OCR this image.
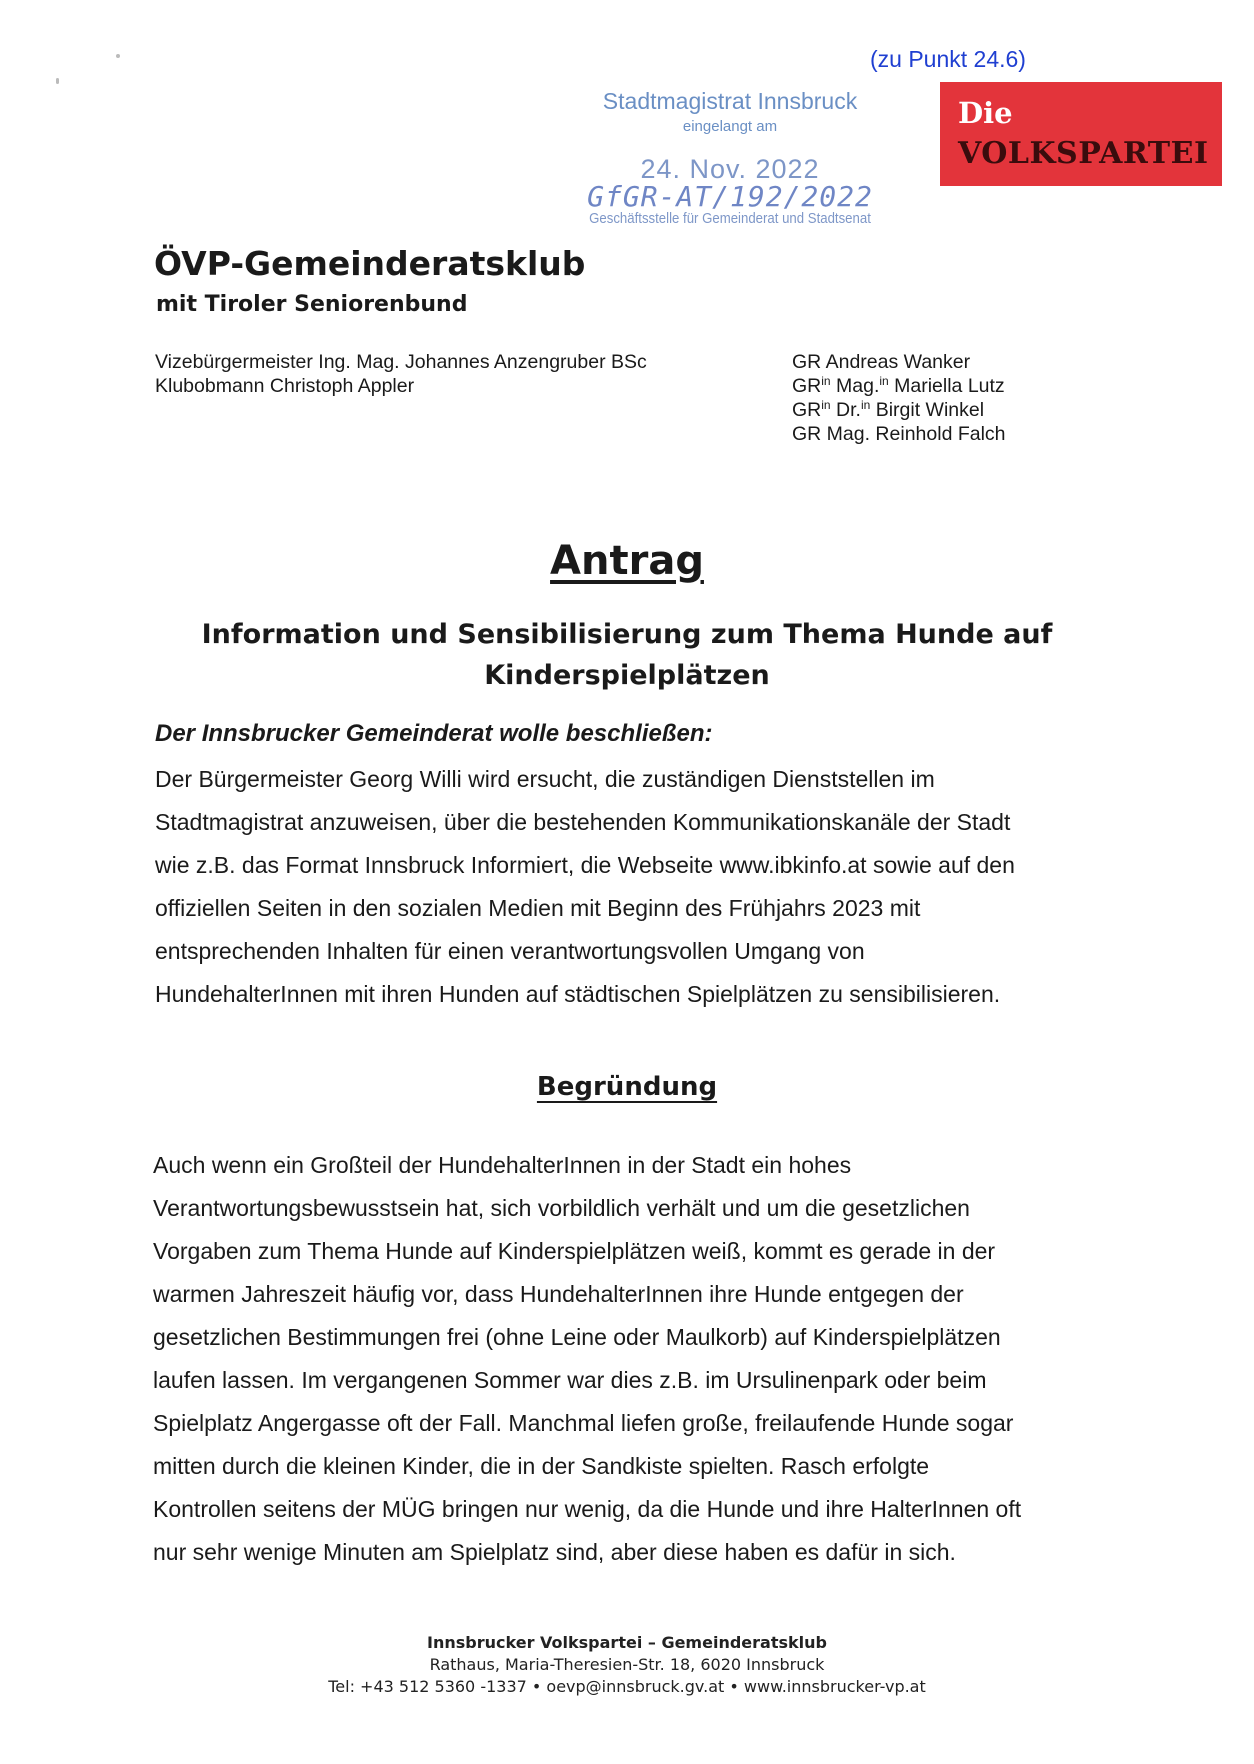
(zu Punkt 24.6)
Die
VOLKSPARTEI
Stadtmagistrat Innsbruck
eingelangt am
24. Nov. 2022
GfGR-AT/192/2022
Geschäftsstelle für Gemeinderat und Stadtsenat
ÖVP-Gemeinderatsklub
mit Tiroler Seniorenbund
Vizebürgermeister Ing. Mag. Johannes Anzengruber BSc
Klubobmann Christoph Appler
GR Andreas Wanker
$GR^{in}$ Mag.$^{in}$ Mariella Lutz
$GR^{in}$ Dr.$^{in}$ Birgit Winkel
GR Mag. Reinhold Falch
Antrag
Information und Sensibilisierung zum Thema Hunde auf
Kinderspielplätzen
Der Innsbrucker Gemeinderat wolle beschließen:
Der Bürgermeister Georg Willi wird ersucht, die zuständigen Dienststellen im
Stadtmagistrat anzuweisen, über die bestehenden Kommunikationskanäle der Stadt
wie z.B. das Format Innsbruck Informiert, die Webseite www.ibkinfo.at sowie auf den
offiziellen Seiten in den sozialen Medien mit Beginn des Frühjahrs 2023 mit
entsprechenden Inhalten für einen verantwortungsvollen Umgang von
HundehalterInnen mit ihren Hunden auf städtischen Spielplätzen zu sensibilisieren.
Begründung
Auch wenn ein Großteil der HundehalterInnen in der Stadt ein hohes
Verantwortungsbewusstsein hat, sich vorbildlich verhält und um die gesetzlichen
Vorgaben zum Thema Hunde auf Kinderspielplätzen weiß, kommt es gerade in der
warmen Jahreszeit häufig vor, dass HundehalterInnen ihre Hunde entgegen der
gesetzlichen Bestimmungen frei (ohne Leine oder Maulkorb) auf Kinderspielplätzen
laufen lassen. Im vergangenen Sommer war dies z.B. im Ursulinenpark oder beim
Spielplatz Angergasse oft der Fall. Manchmal liefen große, freilaufende Hunde sogar
mitten durch die kleinen Kinder, die in der Sandkiste spielten. Rasch erfolgte
Kontrollen seitens der MÜG bringen nur wenig, da die Hunde und ihre HalterInnen oft
nur sehr wenige Minuten am Spielplatz sind, aber diese haben es dafür in sich.
Innsbrucker Volkspartei – Gemeinderatsklub
Rathaus, Maria-Theresien-Str. 18, 6020 Innsbruck
Tel: +43 512 5360 -1337 • oevp@innsbruck.gv.at • www.innsbrucker-vp.at
